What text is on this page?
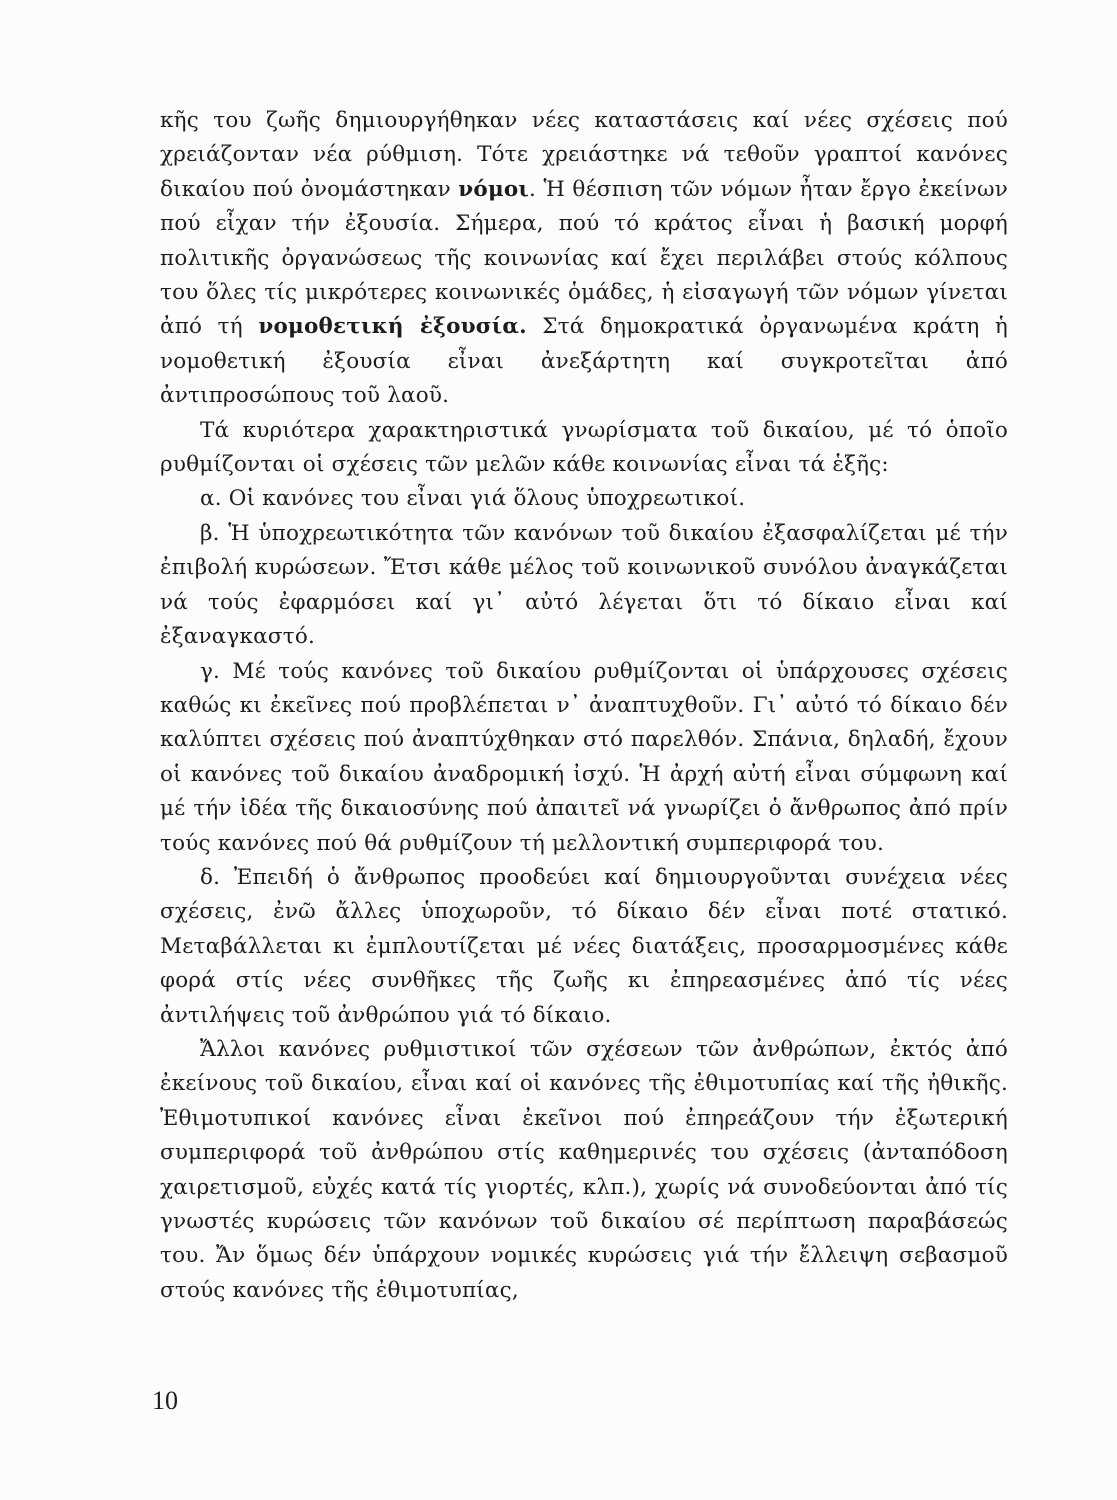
κῆς του ζωῆς δημιουργήθηκαν νέες καταστάσεις καί νέες σχέσεις πού χρειάζονταν νέα ρύθμιση. Τότε χρειάστηκε νά τεθοῦν γραπτοί κανόνες δικαίου πού ὀνομάστηκαν νόμοι. Ἡ θέσπιση τῶν νόμων ἦταν ἔργο ἐκείνων πού εἶχαν τήν ἐξουσία. Σήμερα, πού τό κράτος εἶναι ἡ βασική μορφή πολιτικῆς ὀργανώσεως τῆς κοινωνίας καί ἔχει περιλάβει στούς κόλπους του ὅλες τίς μικρότερες κοινωνικές ὁμάδες, ἡ εἰσαγωγή τῶν νόμων γίνεται ἀπό τή νομοθετική ἐξουσία. Στά δημοκρατικά ὀργανωμένα κράτη ἡ νομοθετική ἐξουσία εἶναι ἀνεξάρτητη καί συγκροτεῖται ἀπό ἀντιπροσώπους τοῦ λαοῦ.

Τά κυριότερα χαρακτηριστικά γνωρίσματα τοῦ δικαίου, μέ τό ὁποῖο ρυθμίζονται οἱ σχέσεις τῶν μελῶν κάθε κοινωνίας εἶναι τά ἑξῆς:

α. Οἱ κανόνες του εἶναι γιά ὅλους ὑποχρεωτικοί.

β. Ἡ ὑποχρεωτικότητα τῶν κανόνων τοῦ δικαίου ἐξασφαλίζεται μέ τήν ἐπιβολή κυρώσεων. Ἔτσι κάθε μέλος τοῦ κοινωνικοῦ συνόλου ἀναγκάζεται νά τούς ἐφαρμόσει καί γι᾽ αὐτό λέγεται ὅτι τό δίκαιο εἶναι καί ἐξαναγκαστό.

γ. Μέ τούς κανόνες τοῦ δικαίου ρυθμίζονται οἱ ὑπάρχουσες σχέσεις καθώς κι ἐκεῖνες πού προβλέπεται ν᾽ ἀναπτυχθοῦν. Γι᾽ αὐτό τό δίκαιο δέν καλύπτει σχέσεις πού ἀναπτύχθηκαν στό παρελθόν. Σπάνια, δηλαδή, ἔχουν οἱ κανόνες τοῦ δικαίου ἀναδρομική ἰσχύ. Ἡ ἀρχή αὐτή εἶναι σύμφωνη καί μέ τήν ἰδέα τῆς δικαιοσύνης πού ἀπαιτεῖ νά γνωρίζει ὁ ἄνθρωπος ἀπό πρίν τούς κανόνες πού θά ρυθμίζουν τή μελλοντική συμπεριφορά του.

δ. Ἐπειδή ὁ ἄνθρωπος προοδεύει καί δημιουργοῦνται συνέχεια νέες σχέσεις, ἐνῶ ἄλλες ὑποχωροῦν, τό δίκαιο δέν εἶναι ποτέ στατικό. Μεταβάλλεται κι ἐμπλουτίζεται μέ νέες διατάξεις, προσαρμοσμένες κάθε φορά στίς νέες συνθῆκες τῆς ζωῆς κι ἐπηρεασμένες ἀπό τίς νέες ἀντιλήψεις τοῦ ἀνθρώπου γιά τό δίκαιο.

Ἄλλοι κανόνες ρυθμιστικοί τῶν σχέσεων τῶν ἀνθρώπων, ἐκτός ἀπό ἐκείνους τοῦ δικαίου, εἶναι καί οἱ κανόνες τῆς ἐθιμοτυπίας καί τῆς ἠθικῆς. Ἐθιμοτυπικοί κανόνες εἶναι ἐκεῖνοι πού ἐπηρεάζουν τήν ἐξωτερική συμπεριφορά τοῦ ἀνθρώπου στίς καθημερινές του σχέσεις (ἀνταπόδοση χαιρετισμοῦ, εὐχές κατά τίς γιορτές, κλπ.), χωρίς νά συνοδεύονται ἀπό τίς γνωστές κυρώσεις τῶν κανόνων τοῦ δικαίου σέ περίπτωση παραβάσεώς του. Ἄν ὅμως δέν ὑπάρχουν νομικές κυρώσεις γιά τήν ἔλλειψη σεβασμοῦ στούς κανόνες τῆς ἐθιμοτυπίας,

10
